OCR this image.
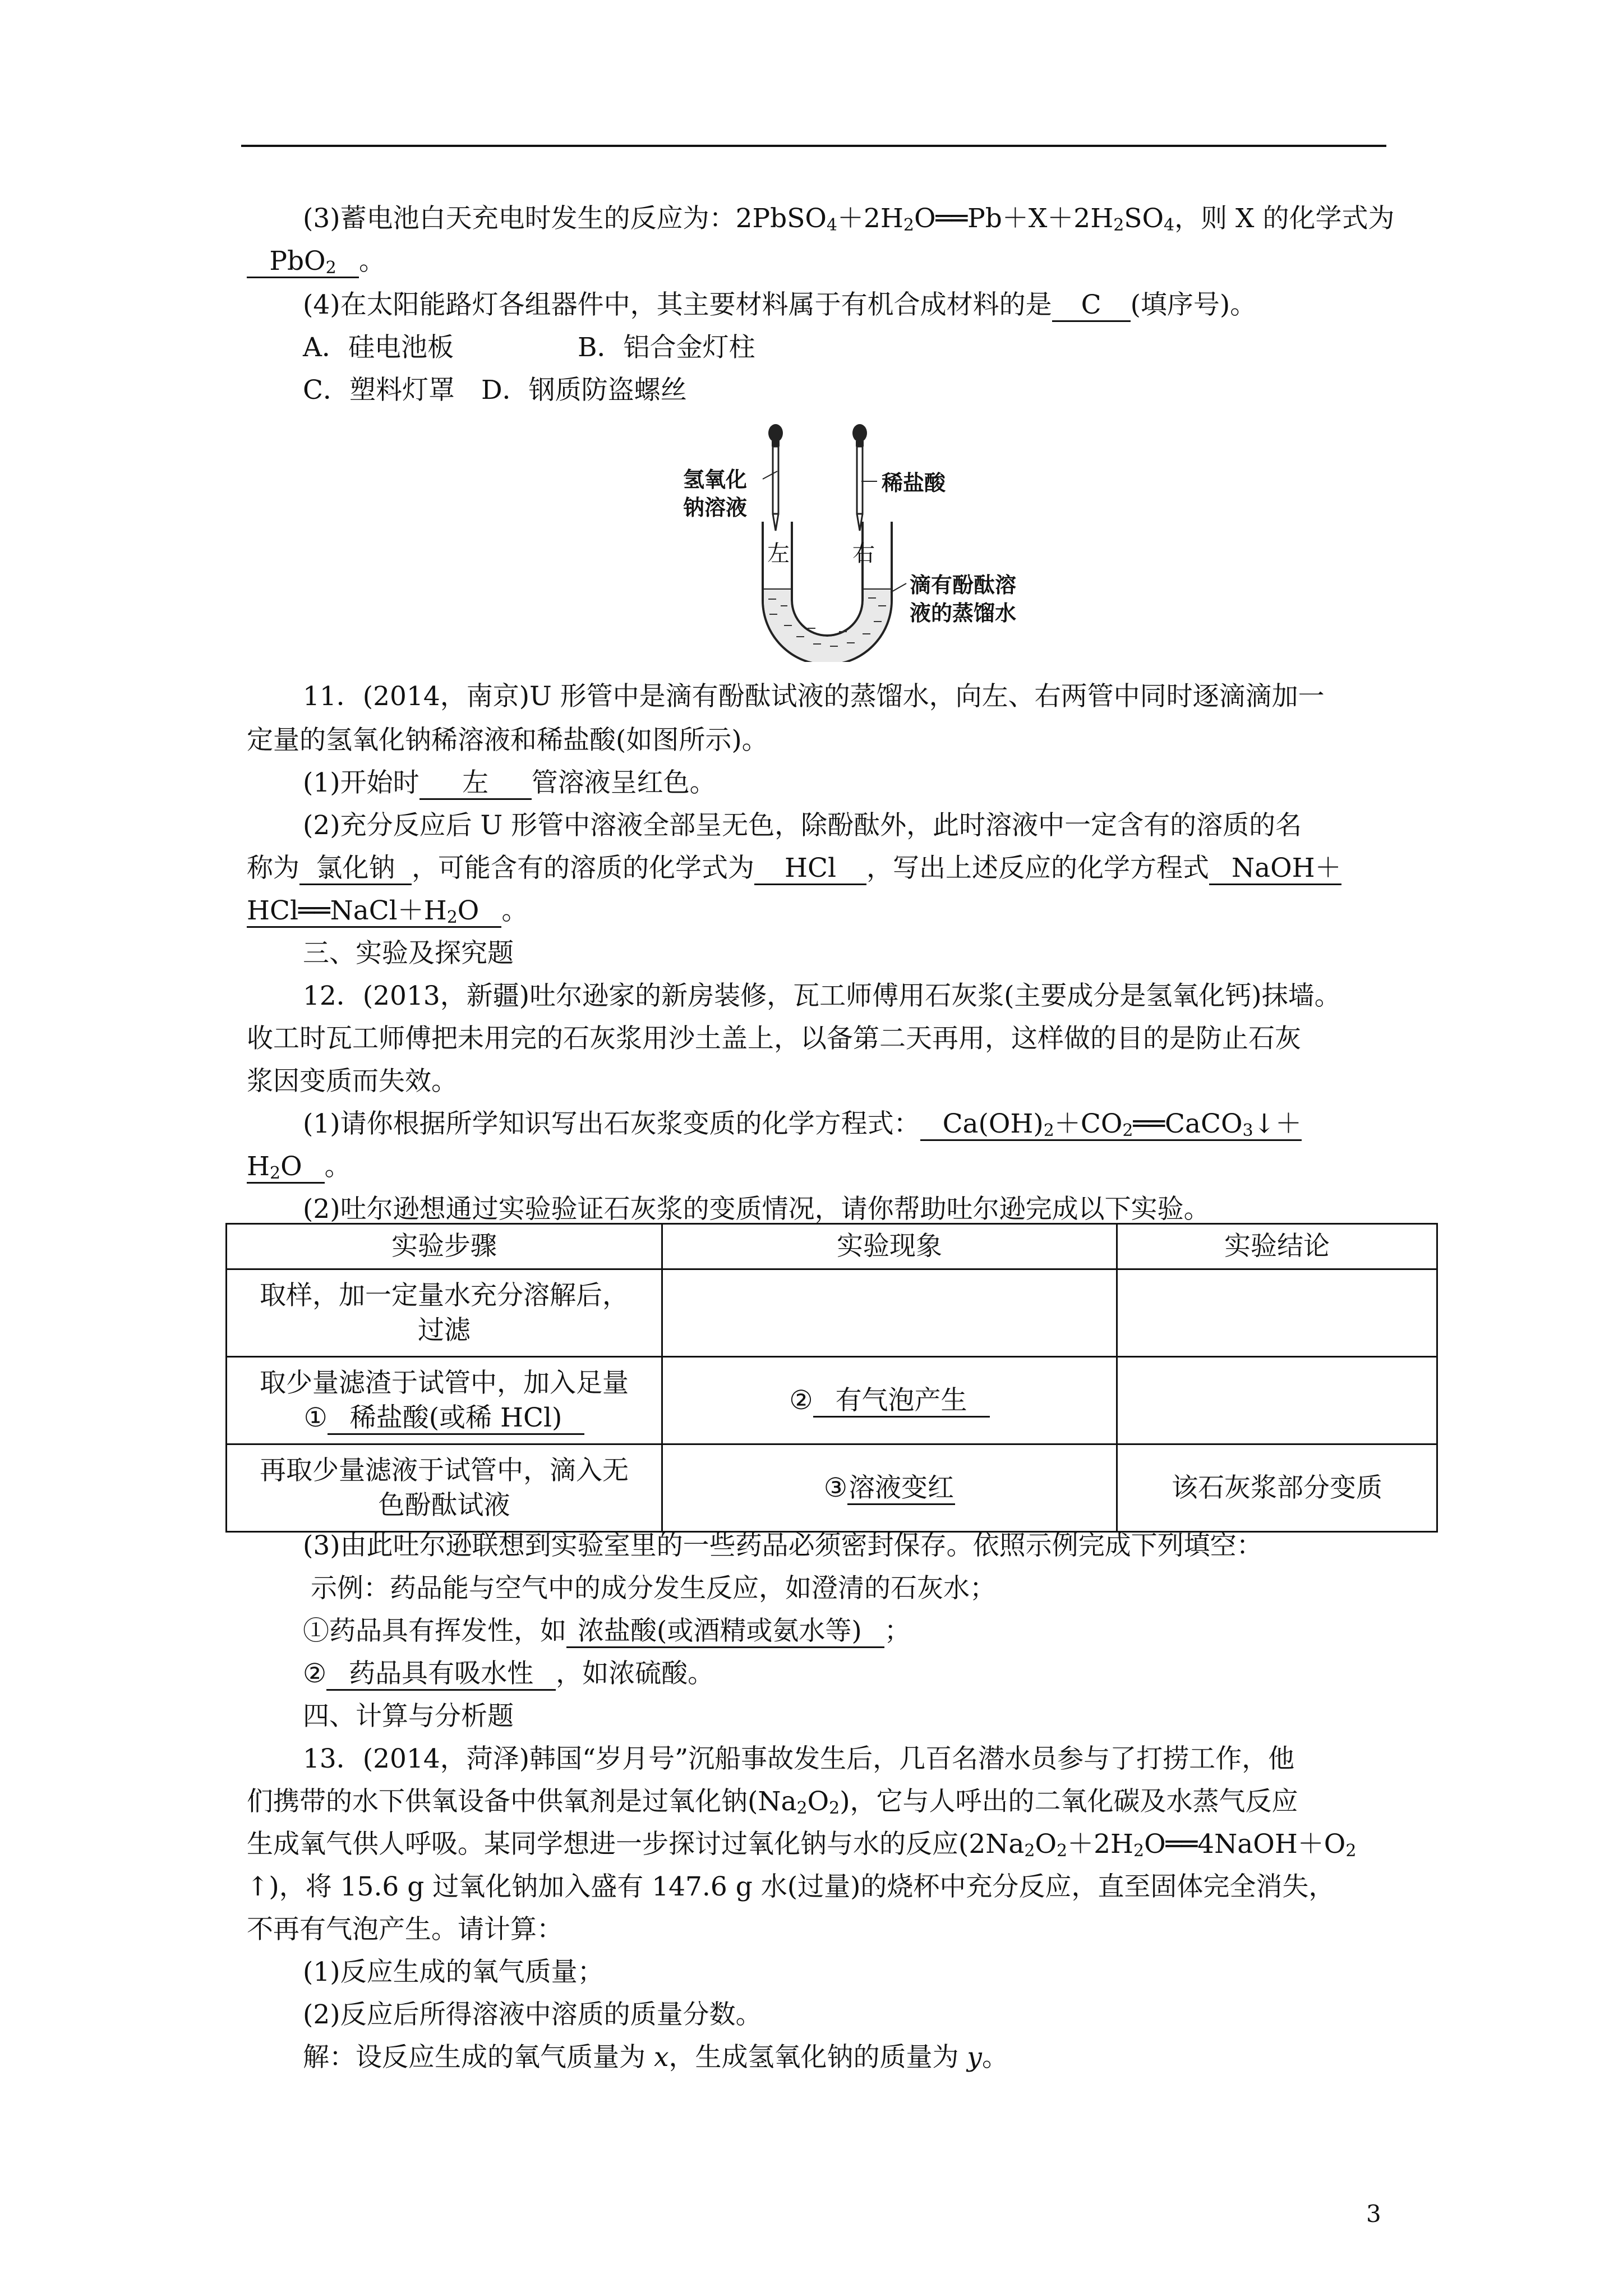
(3)蓄电池白天充电时发生的反应为：$2PbSO_4+2H_2O══Pb+X+2H_2SO_4$，则 X 的化学式为
PbO$_2$ 。
(4)在太阳能路灯各组器件中，其主要材料属于有机合成材料的是 C (填序号)。
A．硅电池板	B．铝合金灯柱
C．塑料灯罩 D．钢质防盗螺丝
氢氧化
钠溶液
稀盐酸
左	右
滴有酚酞溶
液的蒸馏水
11．(2014，南京)U 形管中是滴有酚酞试液的蒸馏水，向左、右两管中同时逐滴滴加一
定量的氢氧化钠稀溶液和稀盐酸(如图所示)。
(1)开始时 左 管溶液呈红色。
(2)充分反应后 U 形管中溶液全部呈无色，除酚酞外，此时溶液中一定含有的溶质的名
称为 氯化钠 ，可能含有的溶质的化学式为 HCl ，写出上述反应的化学方程式 NaOH＋
$HCl══NaCl+H_2O$ 。
三、实验及探究题
12．(2013，新疆)吐尔逊家的新房装修，瓦工师傅用石灰浆(主要成分是氢氧化钙)抹墙。
收工时瓦工师傅把未用完的石灰浆用沙土盖上，以备第二天再用，这样做的目的是防止石灰
浆因变质而失效。
(1)请你根据所学知识写出石灰浆变质的化学方程式： $Ca(OH)_2+CO_2══CaCO_3↓+$
$H_2O$ 。
(2)吐尔逊想通过实验验证石灰浆的变质情况，请你帮助吐尔逊完成以下实验。
实验步骤	实验现象	实验结论

取样，加一定量水充分溶解后，
过滤		

取少量滤渣于试管中，加入足量
① 稀盐酸(或稀 HCl)	② 有气泡产生	

再取少量滤液于试管中，滴入无
色酚酞试液	③溶液变红	该石灰浆部分变质
(3)由此吐尔逊联想到实验室里的一些药品必须密封保存。依照示例完成下列填空：
示例：药品能与空气中的成分发生反应，如澄清的石灰水；
①药品具有挥发性，如 浓盐酸(或酒精或氨水等) ；
② 药品具有吸水性 ，如浓硫酸。
四、计算与分析题
13．(2014，菏泽)韩国“岁月号”沉船事故发生后，几百名潜水员参与了打捞工作，他
们携带的水下供氧设备中供氧剂是过氧化钠$(Na_2O_2)$，它与人呼出的二氧化碳及水蒸气反应
生成氧气供人呼吸。某同学想进一步探讨过氧化钠与水的反应($2Na_2O_2+2H_2O══4NaOH+O_2$
↑)，将 15.6 g 过氧化钠加入盛有 147.6 g 水(过量)的烧杯中充分反应，直至固体完全消失，
不再有气泡产生。请计算：
(1)反应生成的氧气质量；
(2)反应后所得溶液中溶质的质量分数。
解：设反应生成的氧气质量为 x，生成氢氧化钠的质量为 y。
3
